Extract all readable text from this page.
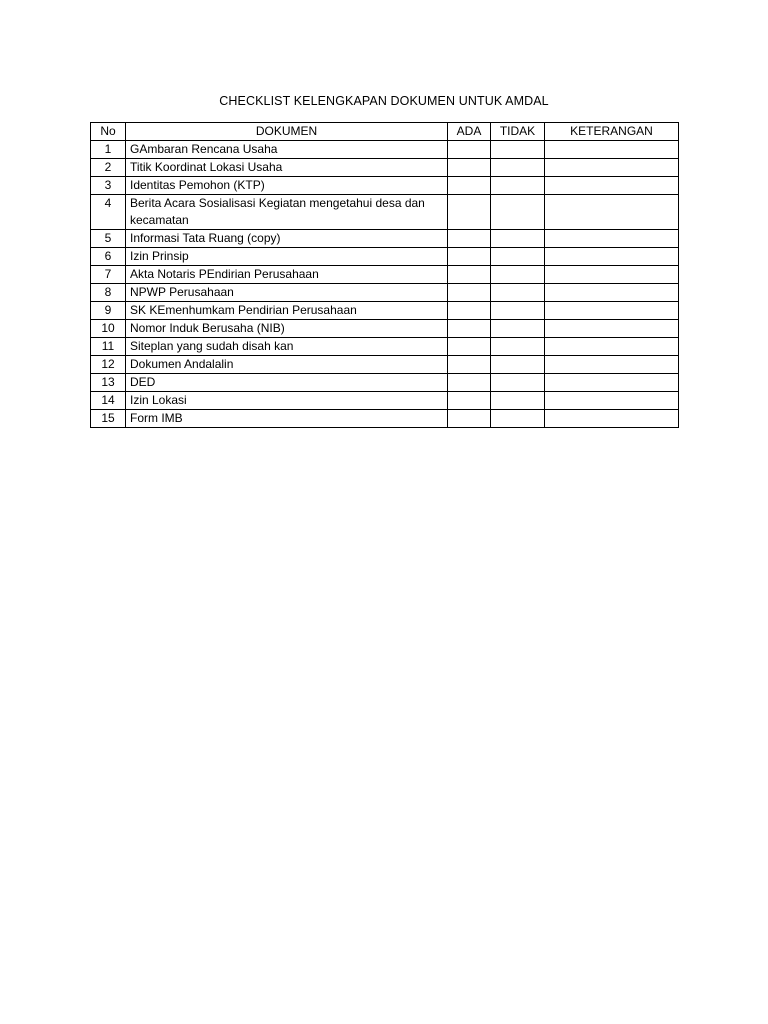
CHECKLIST KELENGKAPAN DOKUMEN UNTUK AMDAL
No	DOKUMEN	ADA	TIDAK	KETERANGAN
1	GAmbaran Rencana Usaha			
2	Titik Koordinat Lokasi Usaha			
3	Identitas Pemohon (KTP)			
4	Berita Acara Sosialisasi Kegiatan mengetahui desa dan kecamatan			
5	Informasi Tata Ruang (copy)			
6	Izin Prinsip			
7	Akta Notaris PEndirian Perusahaan			
8	NPWP Perusahaan			
9	SK KEmenhumkam Pendirian Perusahaan			
10	Nomor Induk Berusaha (NIB)			
11	Siteplan yang sudah disah kan			
12	Dokumen Andalalin			
13	DED			
14	Izin Lokasi			
15	Form IMB			
